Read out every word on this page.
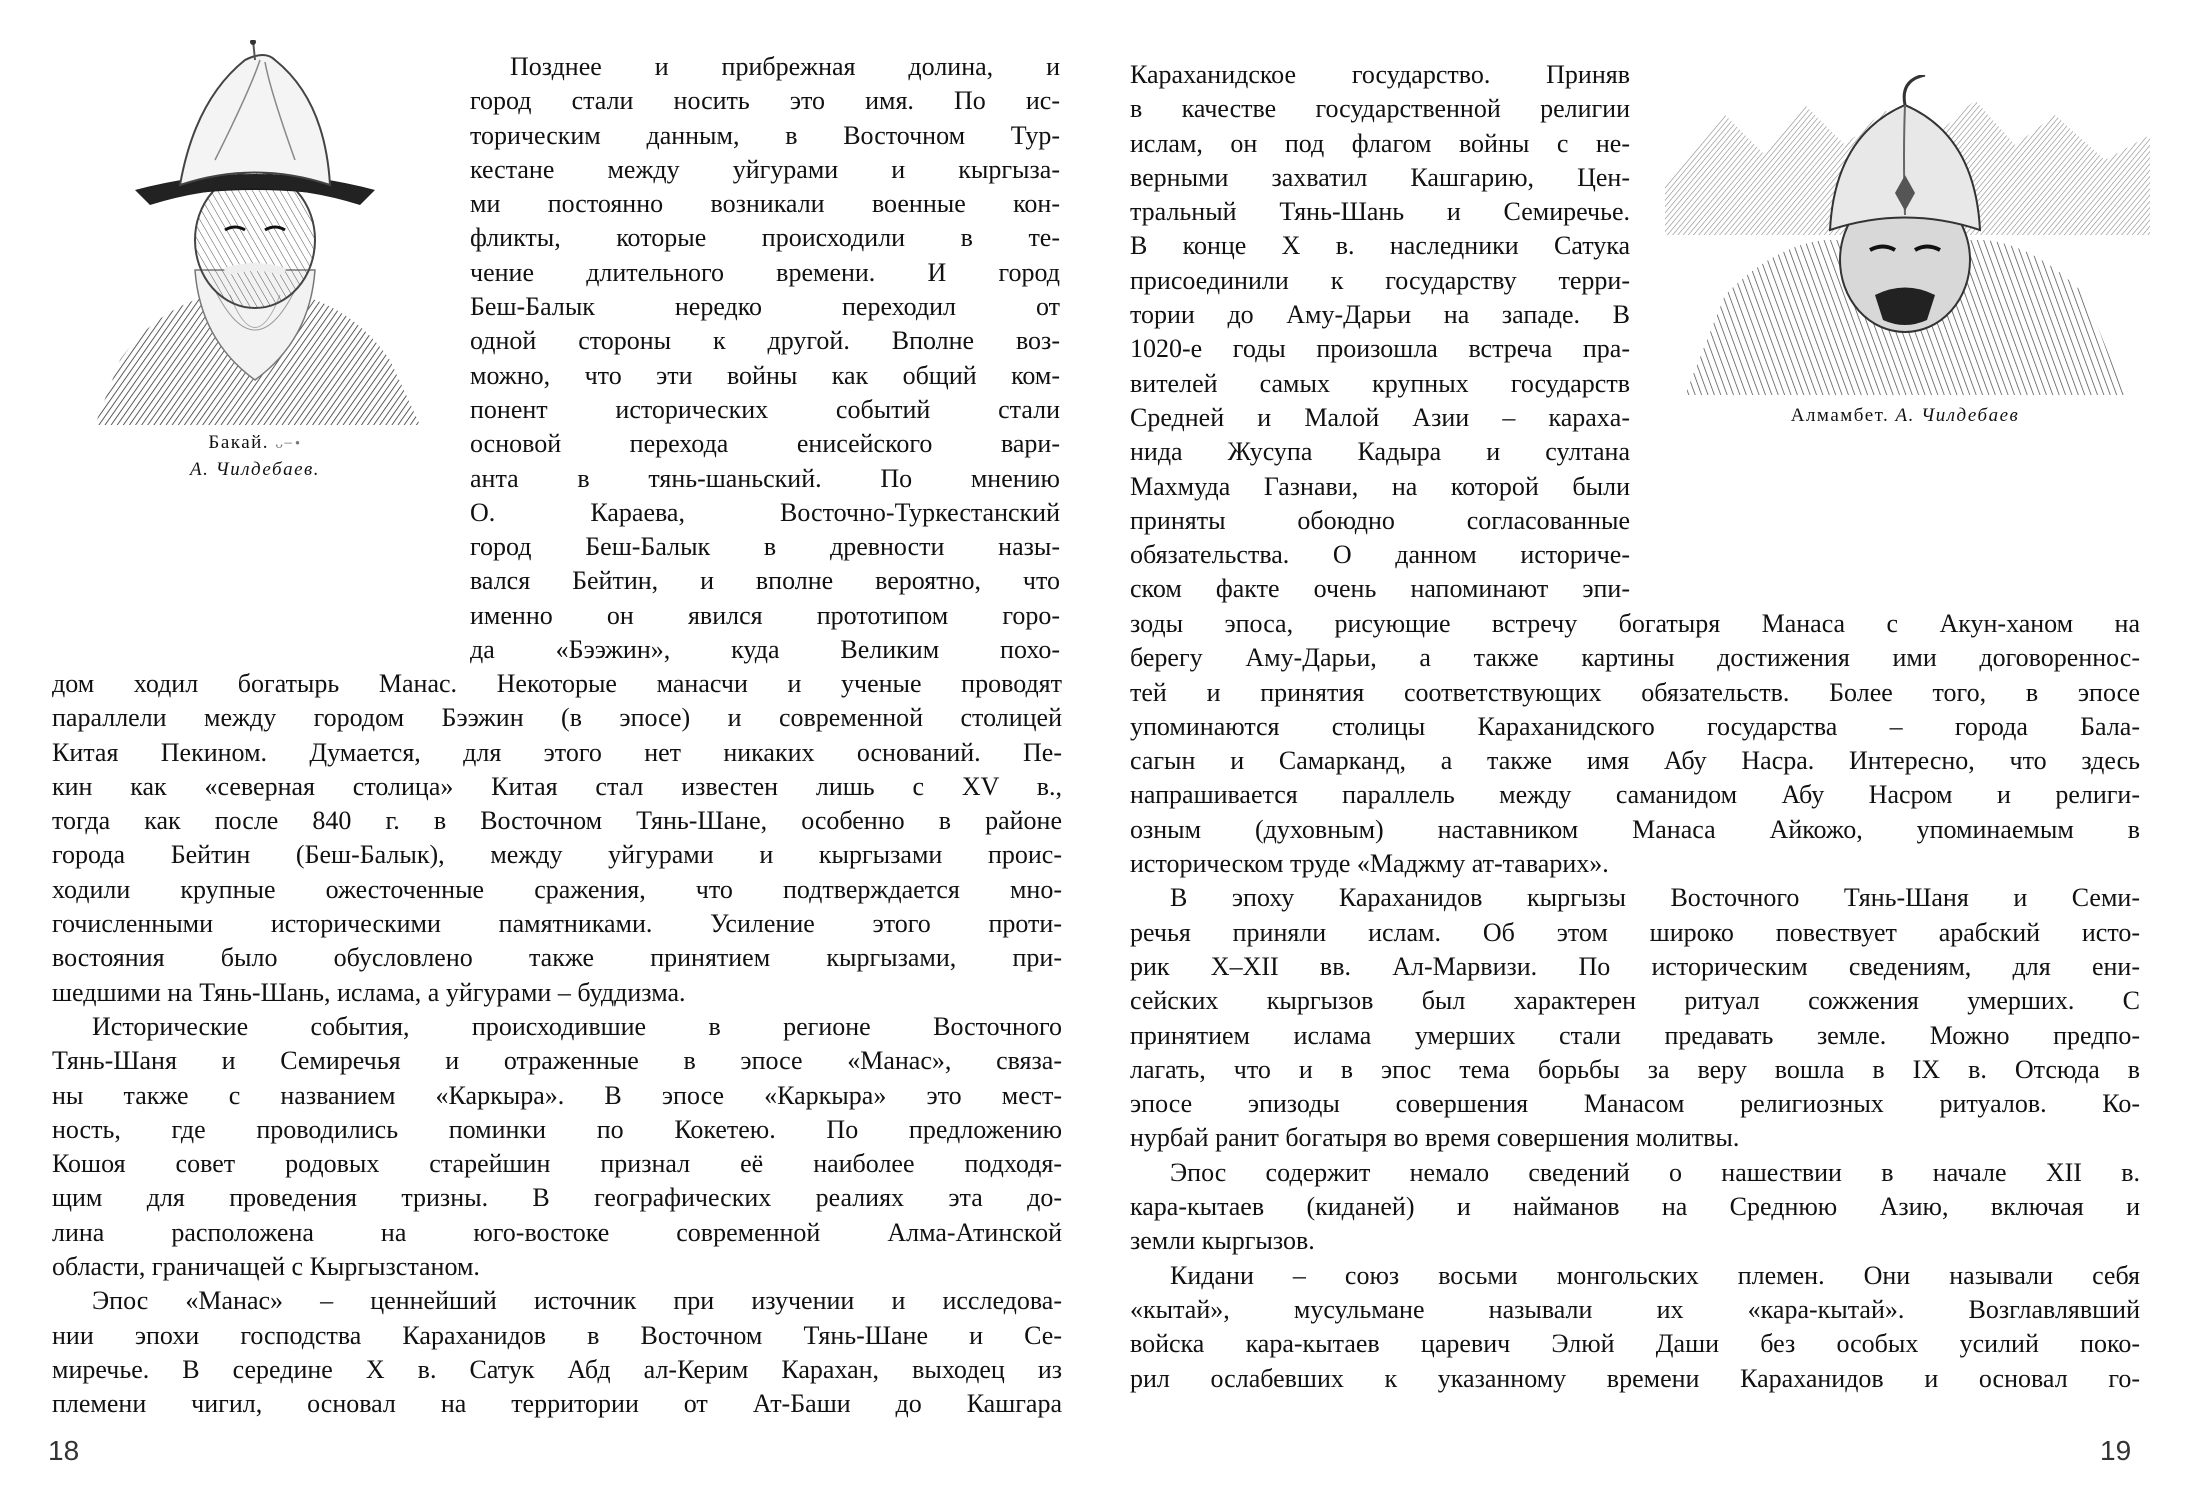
Бакай. ᴗ ̶ •
А. Чилдебаев.
Позднее и прибрежная долина, и
город стали носить это имя. По ис-
торическим данным, в Восточном Тур-
кестане между уйгурами и кыргыза-
ми постоянно возникали военные кон-
фликты, которые происходили в те-
чение длительного времени. И город
Беш-Балык нередко переходил от
одной стороны к другой. Вполне воз-
можно, что эти войны как общий ком-
понент исторических событий стали
основой перехода енисейского вари-
анта в тянь-шаньский. По мнению
О. Караева, Восточно-Туркестанский
город Беш-Балык в древности назы-
вался Бейтин, и вполне вероятно, что
именно он явился прототипом горо-
да «Бээжин», куда Великим похо-
дом ходил богатырь Манас. Некоторые манасчи и ученые проводят
параллели между городом Бээжин (в эпосе) и современной столицей
Китая Пекином. Думается, для этого нет никаких оснований. Пе-
кин как «северная столица» Китая стал известен лишь с XV в.,
тогда как после 840 г. в Восточном Тянь-Шане, особенно в районе
города Бейтин (Беш-Балык), между уйгурами и кыргызами проис-
ходили крупные ожесточенные сражения, что подтверждается мно-
гочисленными историческими памятниками. Усиление этого проти-
востояния было обусловлено также принятием кыргызами, при-
шедшими на Тянь-Шань, ислама, а уйгурами – буддизма.
Исторические события, происходившие в регионе Восточного
Тянь-Шаня и Семиречья и отраженные в эпосе «Манас», связа-
ны также с названием «Каркыра». В эпосе «Каркыра» это мест-
ность, где проводились поминки по Кокетею. По предложению
Кошоя совет родовых старейшин признал её наиболее подходя-
щим для проведения тризны. В географических реалиях эта до-
лина расположена на юго-востоке современной Алма-Атинской
области, граничащей с Кыргызстаном.
Эпос «Манас» – ценнейший источник при изучении и исследова-
нии эпохи господства Караханидов в Восточном Тянь-Шане и Се-
миречье. В середине X в. Сатук Абд ал-Керим Карахан, выходец из
племени чигил, основал на территории от Ат-Баши до Кашгара
18
Караханидское государство. Приняв
в качестве государственной религии
ислам, он под флагом войны с не-
верными захватил Кашгарию, Цен-
тральный Тянь-Шань и Семиречье.
В конце X в. наследники Сатука
присоединили к государству терри-
тории до Аму-Дарьи на западе. В
1020-е годы произошла встреча пра-
вителей самых крупных государств
Средней и Малой Азии – карахa-
нида Жусупа Кадыра и султана
Махмуда Газнави, на которой были
приняты обоюдно согласованные
обязательства. О данном историче-
ском факте очень напоминают эпи-
Алмамбет. А. Чилдебаев
зоды эпоса, рисующие встречу богатыря Манаса с Акун-ханом на
берегу Аму-Дарьи, а также картины достижения ими договореннос-
тей и принятия соответствующих обязательств. Более того, в эпосе
упоминаются столицы Караханидского государства – города Бала-
сагын и Самарканд, а также имя Абу Насра. Интересно, что здесь
напрашивается параллель между саманидом Абу Насром и религи-
озным (духовным) наставником Манаса Айкожо, упоминаемым в
историческом труде «Маджму ат-таварих».
В эпоху Караханидов кыргызы Восточного Тянь-Шаня и Семи-
речья приняли ислам. Об этом широко повествует арабский исто-
рик X–XII вв. Ал-Марвизи. По историческим сведениям, для ени-
сейских кыргызов был характерен ритуал сожжения умерших. С
принятием ислама умерших стали предавать земле. Можно предпо-
лагать, что и в эпос тема борьбы за веру вошла в IX в. Отсюда в
эпосе эпизоды совершения Манасом религиозных ритуалов. Ко-
нурбай ранит богатыря во время совершения молитвы.
Эпос содержит немало сведений о нашествии в начале XII в.
кара-кытаев (киданей) и найманов на Среднюю Азию, включая и
земли кыргызов.
Кидани – союз восьми монгольских племен. Они называли себя
«кытай», мусульмане называли их «кара-кытай». Возглавлявший
войска кара-кытаев царевич Элюй Даши без особых усилий поко-
рил ослабевших к указанному времени Караханидов и основал го-
19
